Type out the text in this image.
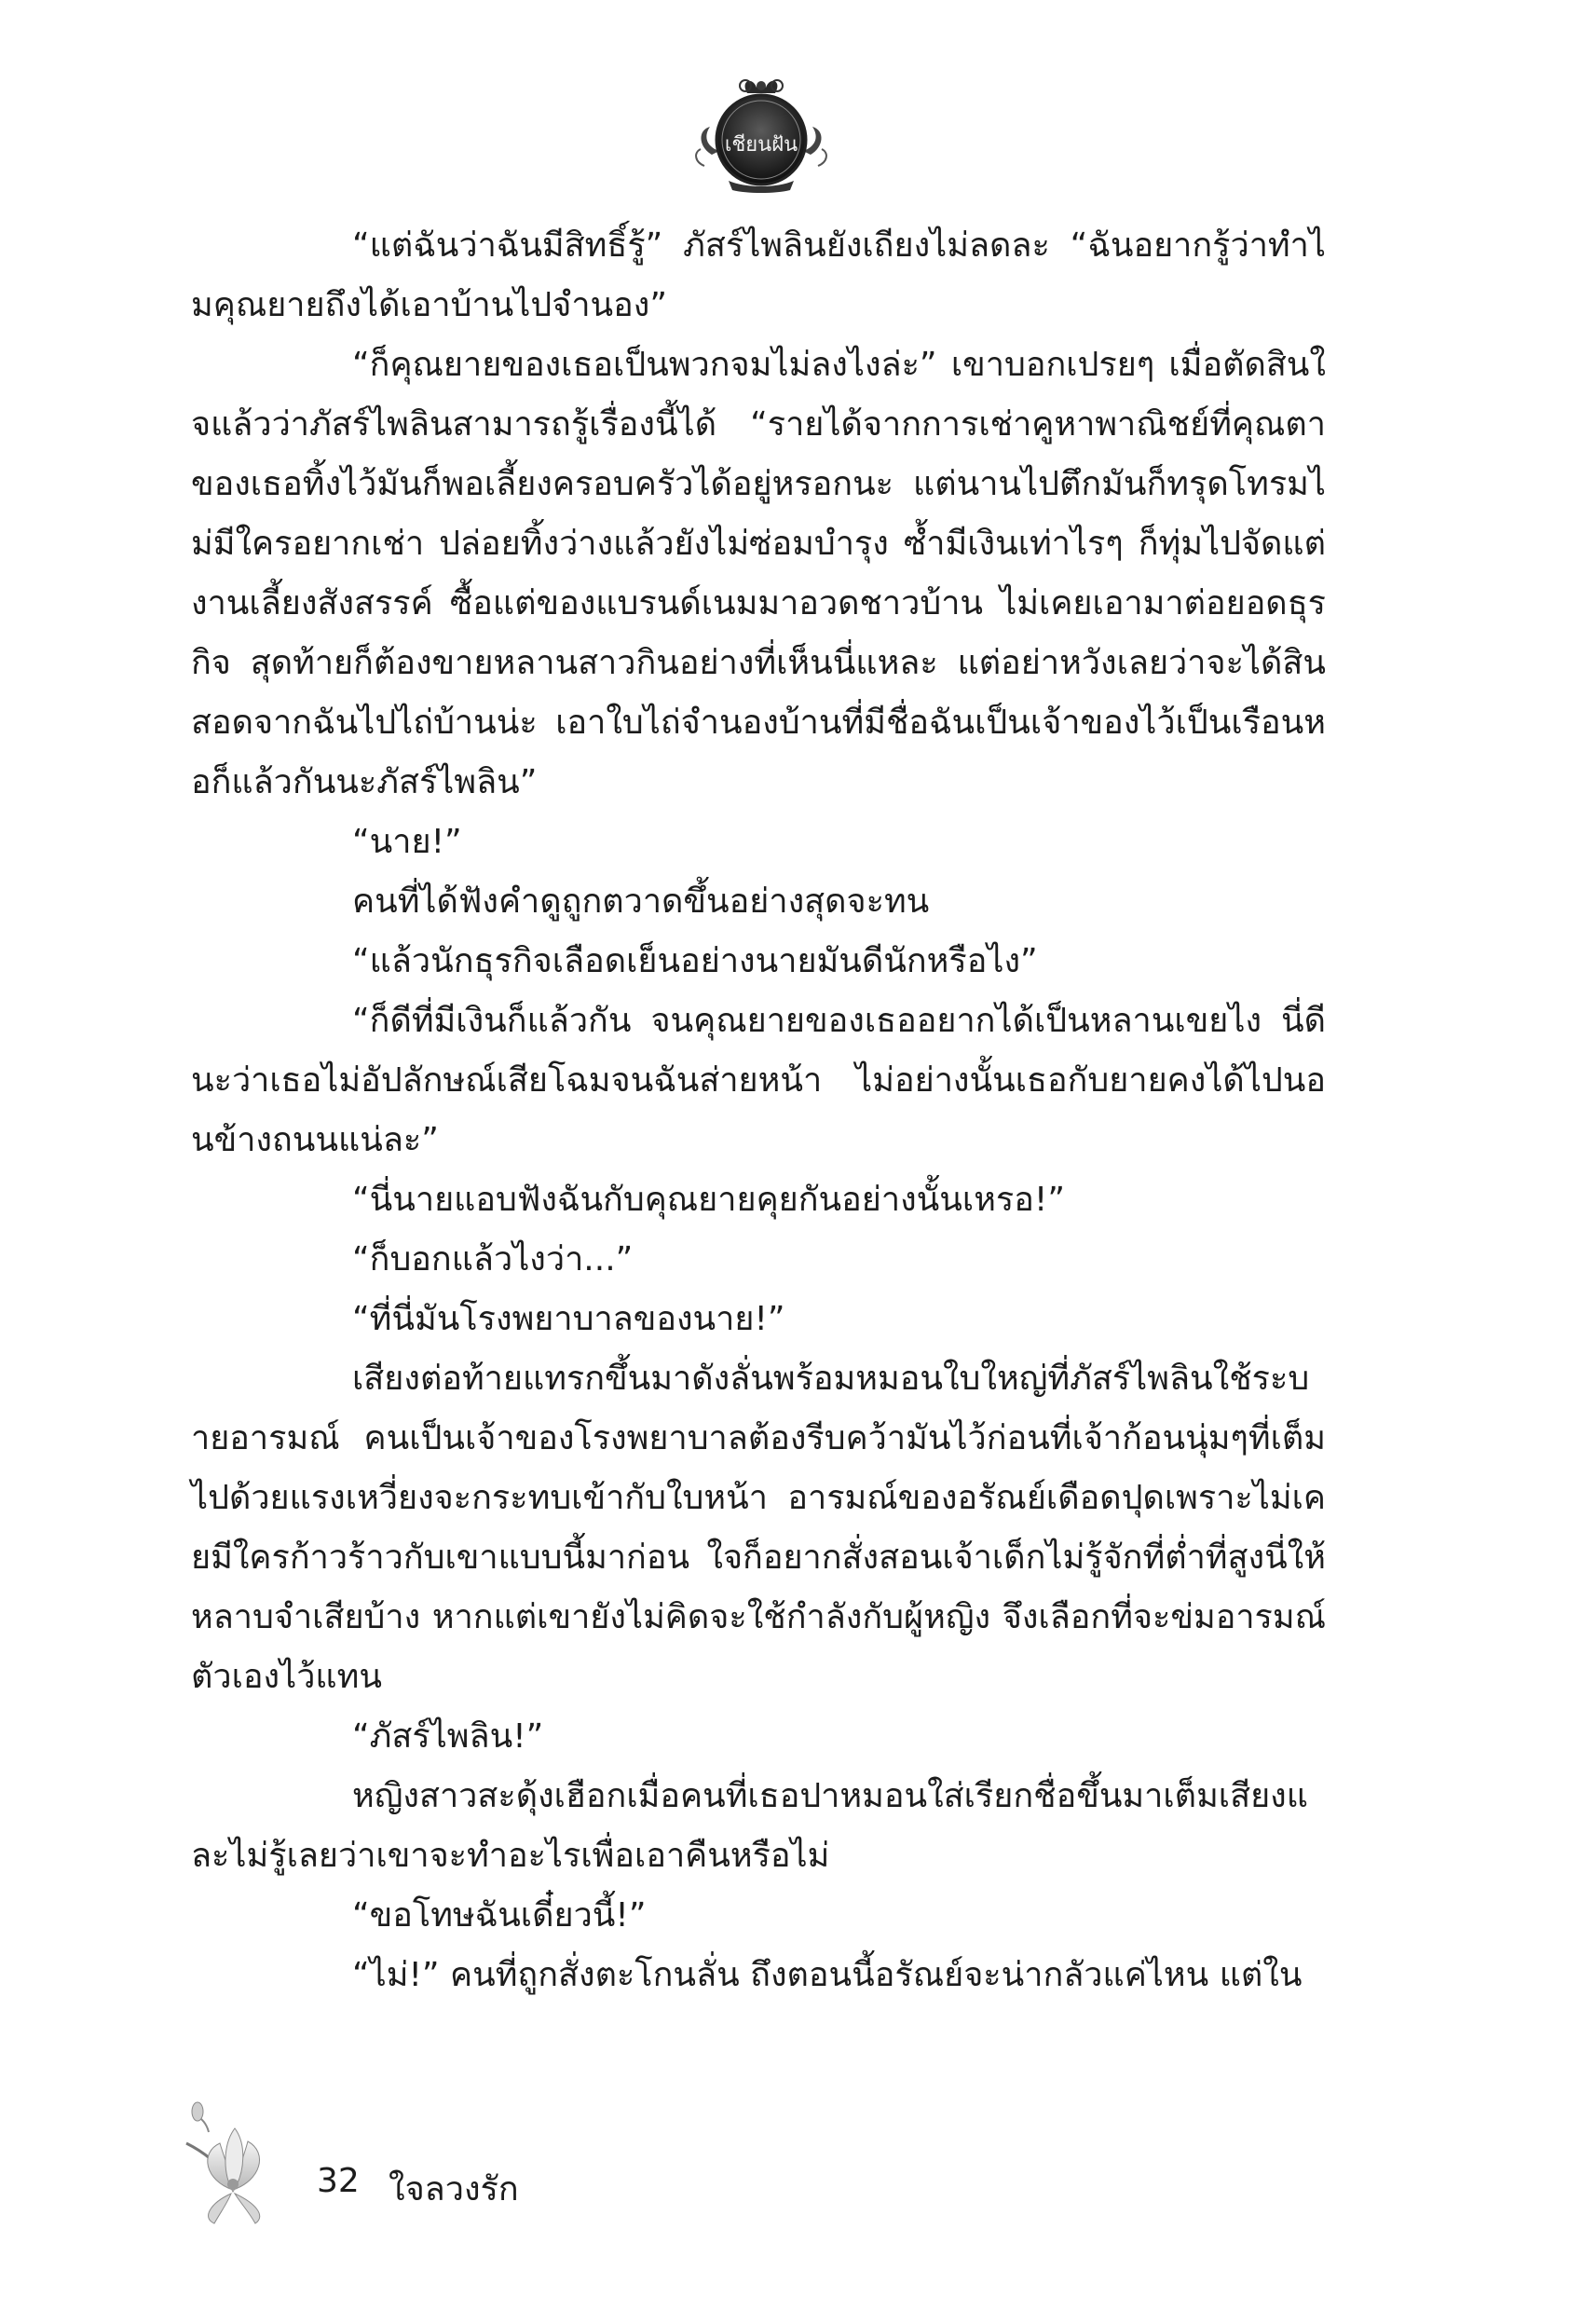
เชียนฝัน

“แต่ฉันว่าฉันมีสิทธิ์รู้” ภัสร์ไพลินยังเถียงไม่ลดละ “ฉันอยากรู้ว่าทำไมคุณยายถึงได้เอาบ้านไปจำนอง”

“ก็คุณยายของเธอเป็นพวกจมไม่ลงไงล่ะ” เขาบอกเปรยๆ เมื่อตัดสินใจแล้วว่าภัสร์ไพลินสามารถรู้เรื่องนี้ได้ “รายได้จากการเช่าคูหาพาณิชย์ที่คุณตาของเธอทิ้งไว้มันก็พอเลี้ยงครอบครัวได้อยู่หรอกนะ แต่นานไปตึกมันก็ทรุดโทรมไม่มีใครอยากเช่า ปล่อยทิ้งว่างแล้วยังไม่ซ่อมบำรุง ซ้ำมีเงินเท่าไรๆ ก็ทุ่มไปจัดแต่งานเลี้ยงสังสรรค์ ซื้อแต่ของแบรนด์เนมมาอวดชาวบ้าน ไม่เคยเอามาต่อยอดธุรกิจ สุดท้ายก็ต้องขายหลานสาวกินอย่างที่เห็นนี่แหละ แต่อย่าหวังเลยว่าจะได้สินสอดจากฉันไปไถ่บ้านน่ะ เอาใบไถ่จำนองบ้านที่มีชื่อฉันเป็นเจ้าของไว้เป็นเรือนหอก็แล้วกันนะภัสร์ไพลิน”

“นาย!”

คนที่ได้ฟังคำดูถูกตวาดขึ้นอย่างสุดจะทน

“แล้วนักธุรกิจเลือดเย็นอย่างนายมันดีนักหรือไง”

“ก็ดีที่มีเงินก็แล้วกัน จนคุณยายของเธออยากได้เป็นหลานเขยไง นี่ดีนะว่าเธอไม่อัปลักษณ์เสียโฉมจนฉันส่ายหน้า ไม่อย่างนั้นเธอกับยายคงได้ไปนอนข้างถนนแน่ละ”

“นี่นายแอบฟังฉันกับคุณยายคุยกันอย่างนั้นเหรอ!”

“ก็บอกแล้วไงว่า...”

“ที่นี่มันโรงพยาบาลของนาย!”

เสียงต่อท้ายแทรกขึ้นมาดังลั่นพร้อมหมอนใบใหญ่ที่ภัสร์ไพลินใช้ระบายอารมณ์ คนเป็นเจ้าของโรงพยาบาลต้องรีบคว้ามันไว้ก่อนที่เจ้าก้อนนุ่มๆที่เต็มไปด้วยแรงเหวี่ยงจะกระทบเข้ากับใบหน้า อารมณ์ของอรัณย์เดือดปุดเพราะไม่เคยมีใครก้าวร้าวกับเขาแบบนี้มาก่อน ใจก็อยากสั่งสอนเจ้าเด็กไม่รู้จักที่ต่ำที่สูงนี่ให้หลาบจำเสียบ้าง หากแต่เขายังไม่คิดจะใช้กำลังกับผู้หญิง จึงเลือกที่จะข่มอารมณ์ตัวเองไว้แทน

“ภัสร์ไพลิน!”

หญิงสาวสะดุ้งเฮือกเมื่อคนที่เธอปาหมอนใส่เรียกชื่อขึ้นมาเต็มเสียงและไม่รู้เลยว่าเขาจะทำอะไรเพื่อเอาคืนหรือไม่

“ขอโทษฉันเดี๋ยวนี้!”

“ไม่!” คนที่ถูกสั่งตะโกนลั่น ถึงตอนนี้อรัณย์จะน่ากลัวแค่ไหน แต่ใน

32 ใจลวงรัก
